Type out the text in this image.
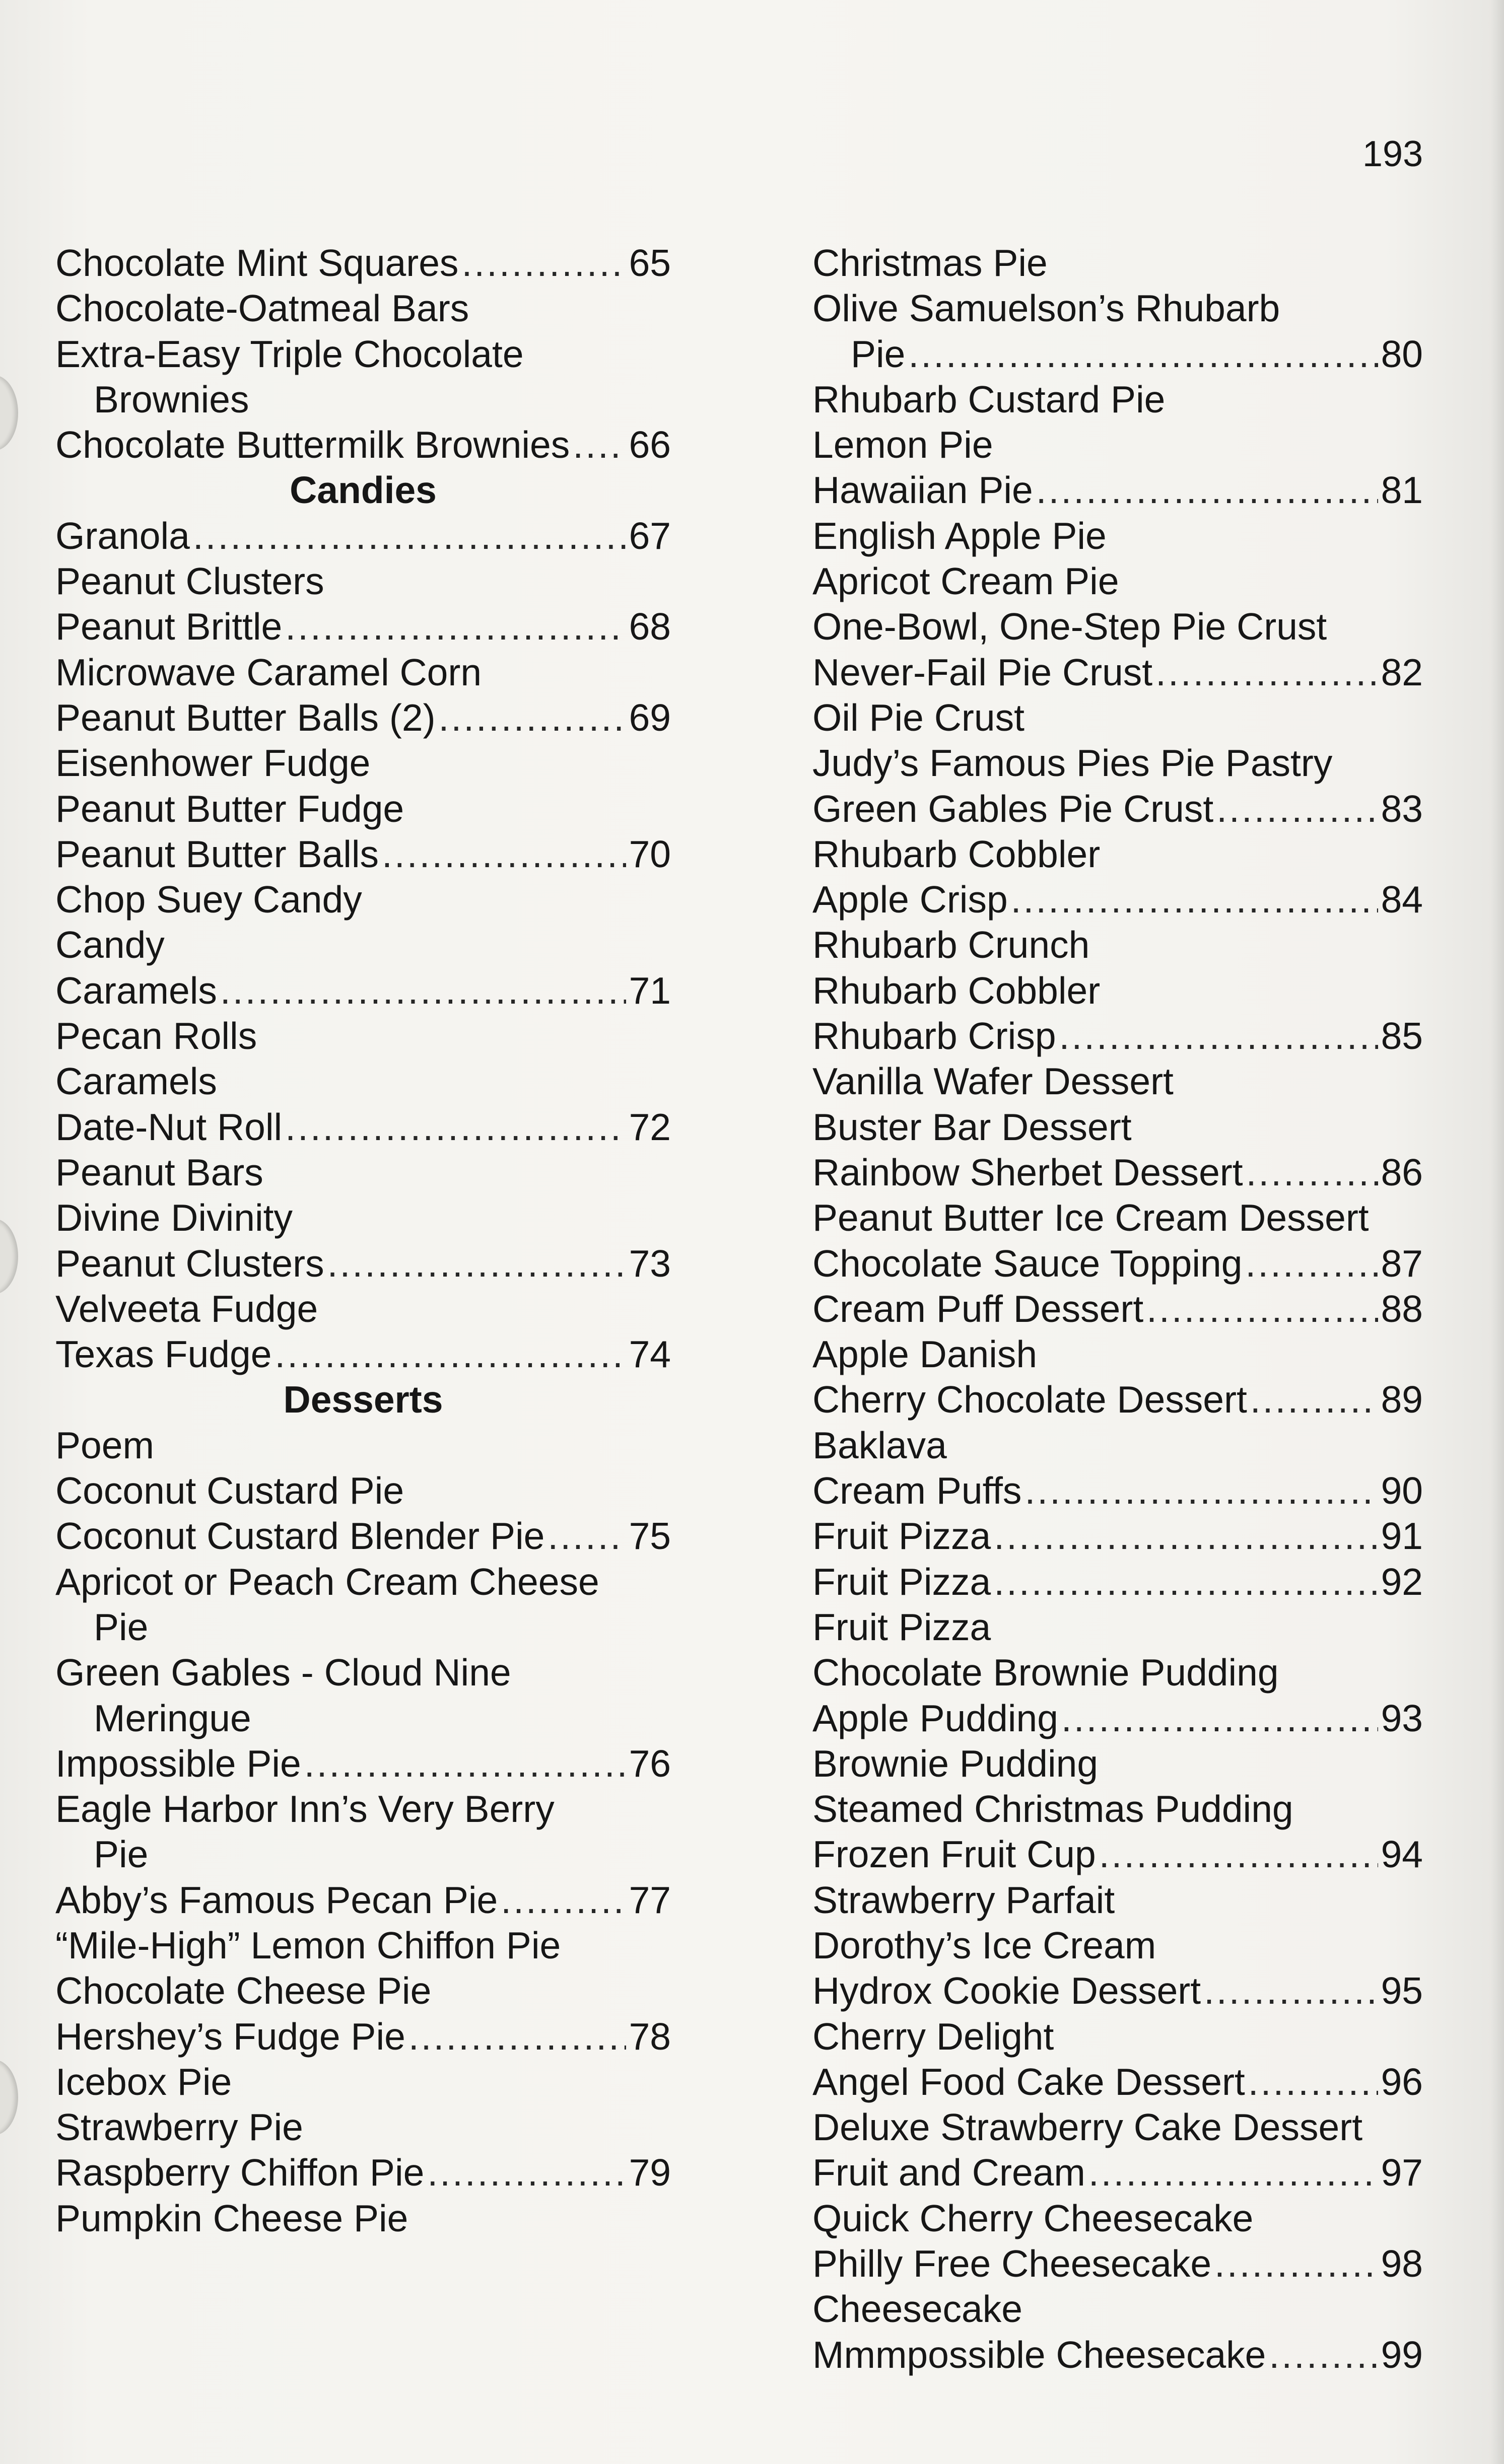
193
Chocolate Mint Squares .....	65
Chocolate-Oatmeal Bars
Extra-Easy Triple Chocolate
Brownies
Chocolate Buttermilk Brownies ..... 66
Candies
Granola .....	67
Peanut Clusters
Peanut Brittle .....	68
Microwave Caramel Corn
Peanut Butter Balls (2) .....	69
Eisenhower Fudge
Peanut Butter Fudge
Peanut Butter Balls .....	70
Chop Suey Candy
Candy
Caramels .....	71
Pecan Rolls
Caramels
Date-Nut Roll .....	72
Peanut Bars
Divine Divinity
Peanut Clusters .....	73
Velveeta Fudge
Texas Fudge .....	74
Desserts
Poem
Coconut Custard Pie
Coconut Custard Blender Pie ..... 75
Apricot or Peach Cream Cheese
Pie
Green Gables - Cloud Nine
Meringue
Impossible Pie .....	76
Eagle Harbor Inn’s Very Berry
Pie
Abby’s Famous Pecan Pie .....	77
“Mile-High” Lemon Chiffon Pie
Chocolate Cheese Pie
Hershey’s Fudge Pie .....	78
Icebox Pie
Strawberry Pie
Raspberry Chiffon Pie .....	79
Pumpkin Cheese Pie
Christmas Pie
Olive Samuelson’s Rhubarb
Pie .....	80
Rhubarb Custard Pie
Lemon Pie
Hawaiian Pie .....	81
English Apple Pie
Apricot Cream Pie
One-Bowl, One-Step Pie Crust
Never-Fail Pie Crust .....	82
Oil Pie Crust
Judy’s Famous Pies Pie Pastry
Green Gables Pie Crust .....	83
Rhubarb Cobbler
Apple Crisp .....	84
Rhubarb Crunch
Rhubarb Cobbler
Rhubarb Crisp .....	85
Vanilla Wafer Dessert
Buster Bar Dessert
Rainbow Sherbet Dessert .....	86
Peanut Butter Ice Cream Dessert
Chocolate Sauce Topping .....	87
Cream Puff Dessert .....	88
Apple Danish
Cherry Chocolate Dessert .....	89
Baklava
Cream Puffs .....	90
Fruit Pizza .....	91
Fruit Pizza .....	92
Fruit Pizza
Chocolate Brownie Pudding
Apple Pudding .....	93
Brownie Pudding
Steamed Christmas Pudding
Frozen Fruit Cup .....	94
Strawberry Parfait
Dorothy’s Ice Cream
Hydrox Cookie Dessert .....	95
Cherry Delight
Angel Food Cake Dessert .....	96
Deluxe Strawberry Cake Dessert
Fruit and Cream .....	97
Quick Cherry Cheesecake
Philly Free Cheesecake .....	98
Cheesecake
Mmmpossible Cheesecake .....	99
